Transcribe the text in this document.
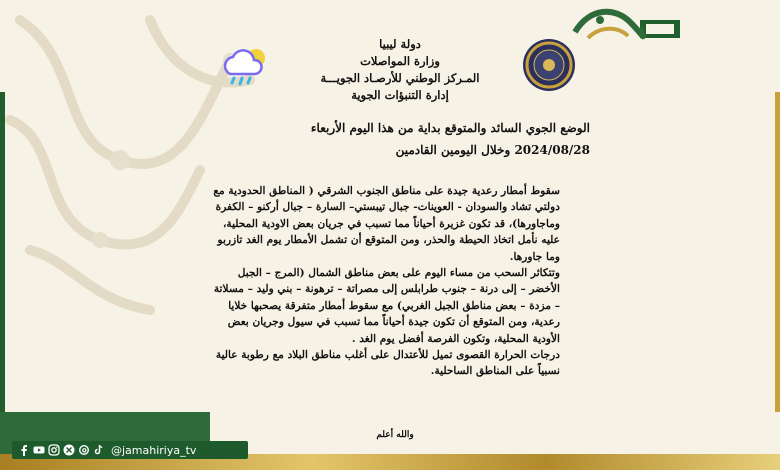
دولة ليبيا
وزارة المواصلات
المـركز الوطني للأرصـاد الجويـــة
إدارة التنبؤات الجوية
الوضع الجوي السائد والمتوقع بداية من هذا اليوم الأربعاء
2024/08/28 وخلال اليومين القادمين

سقوط أمطار رعدية جيدة على مناطق الجنوب الشرقي ( المناطق الحدودية مع دولتي تشاد والسودان - العوينات- جبال تيبستي– السارة – جبال أركنو – الكفرة وماجاورها)، قد تكون غزيرة أحياناً مما تسبب في جريان بعض الاودية المحلية، عليه نأمل اتخاذ الحيطة والحذر، ومن المتوقع أن تشمل الأمطار يوم الغد تازربو وما جاورها.

وتتكاثر السحب من مساء اليوم على بعض مناطق الشمال (المرج – الجبل الأخضر – إلى درنة – جنوب طرابلس إلى مصراتة – ترهونة – بني وليد – مسلاتة – مزدة – بعض مناطق الجبل الغربي) مع سقوط أمطار متفرقة يصحبها خلايا رعدية، ومن المتوقع أن تكون جيدة أحياناً مما تسبب في سيول وجريان بعض الأودية المحلية، وتكون الفرصة أفضل يوم الغد .

درجات الحرارة القصوى تميل للأعتدال على أغلب مناطق البلاد مع رطوبة عالية نسبياً على المناطق الساحلية.

والله أعلم
@jamahiriya_tv
